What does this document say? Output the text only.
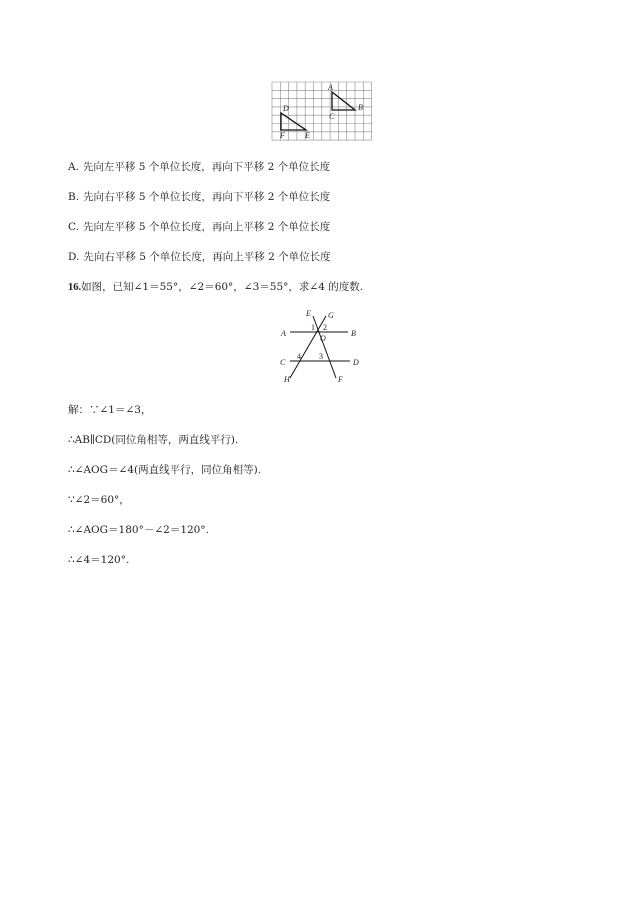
A
B
C
D
E
F
A. 先向左平移 5 个单位长度，再向下平移 2 个单位长度
B. 先向右平移 5 个单位长度，再向下平移 2 个单位长度
C. 先向左平移 5 个单位长度，再向上平移 2 个单位长度
D. 先向右平移 5 个单位长度，再向上平移 2 个单位长度
16.如图，已知∠1＝55°，∠2＝60°，∠3＝55°，求∠4 的度数.
E G
A	B
O
C	D
H	F
1 2
3
4
解：∵∠1＝∠3，
∴AB∥CD(同位角相等，两直线平行).
∴∠AOG＝∠4(两直线平行，同位角相等).
∵∠2＝60°，
∴∠AOG＝180°－∠2＝120°.
∴∠4＝120°.
